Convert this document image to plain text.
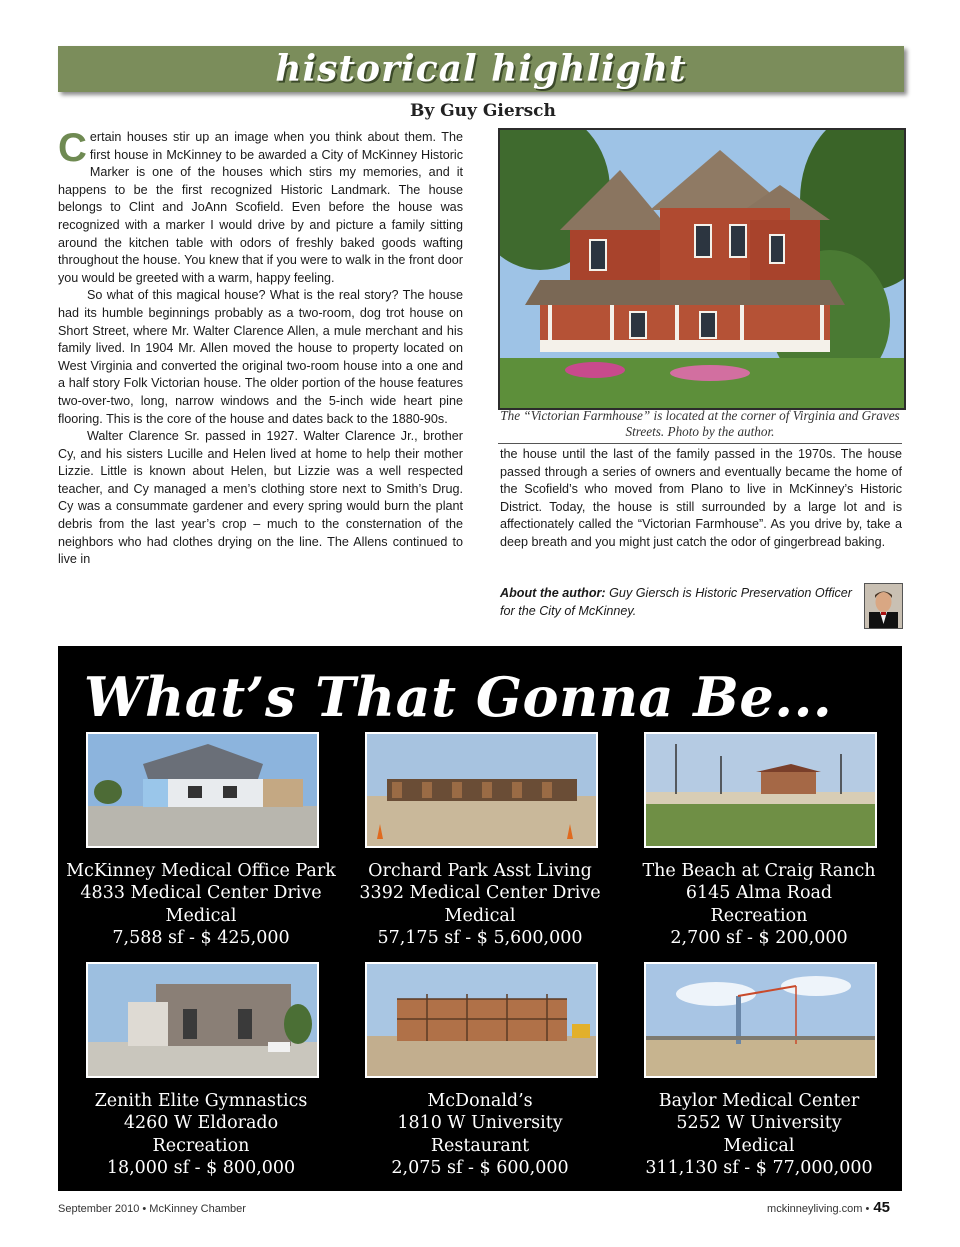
historical highlight
By Guy Giersch

Certain houses stir up an image when you think about them. The first house in McKinney to be awarded a City of McKinney Historic Marker is one of the houses which stirs my memories, and it happens to be the first recognized Historic Landmark. The house belongs to Clint and JoAnn Scofield. Even before the house was recognized with a marker I would drive by and picture a family sitting around the kitchen table with odors of freshly baked goods wafting throughout the house. You knew that if you were to walk in the front door you would be greeted with a warm, happy feeling.

So what of this magical house? What is the real story? The house had its humble beginnings probably as a two-room, dog trot house on Short Street, where Mr. Walter Clarence Allen, a mule merchant and his family lived. In 1904 Mr. Allen moved the house to property located on West Virginia and converted the original two-room house into a one and a half story Folk Victorian house. The older portion of the house features two-over-two, long, narrow windows and the 5-inch wide heart pine flooring. This is the core of the house and dates back to the 1880-90s.

Walter Clarence Sr. passed in 1927. Walter Clarence Jr., brother Cy, and his sisters Lucille and Helen lived at home to help their mother Lizzie. Little is known about Helen, but Lizzie was a well respected teacher, and Cy managed a men’s clothing store next to Smith’s Drug. Cy was a consummate gardener and every spring would burn the plant debris from the last year’s crop – much to the consternation of the neighbors who had clothes drying on the line. The Allens continued to live in

The “Victorian Farmhouse” is located at the corner of Virginia and Graves Streets. Photo by the author.

the house until the last of the family passed in the 1970s. The house passed through a series of owners and eventually became the home of the Scofield’s who moved from Plano to live in McKinney’s Historic District. Today, the house is still surrounded by a large lot and is affectionately called the “Victorian Farmhouse”. As you drive by, take a deep breath and you might just catch the odor of gingerbread baking.

About the author: Guy Giersch is Historic Preservation Officer for the City of McKinney.
What’s That Gonna Be...
McKinney Medical Office Park
4833 Medical Center Drive
Medical
7,588 sf - $ 425,000
Orchard Park Asst Living
3392 Medical Center Drive
Medical
57,175 sf - $ 5,600,000
The Beach at Craig Ranch
6145 Alma Road
Recreation
2,700 sf - $ 200,000
Zenith Elite Gymnastics
4260 W Eldorado
Recreation
18,000 sf - $ 800,000
McDonald’s
1810 W University
Restaurant
2,075 sf - $ 600,000
Baylor Medical Center
5252 W University
Medical
311,130 sf - $ 77,000,000
September 2010 • McKinney Chamber	mckinneyliving.com • 45
